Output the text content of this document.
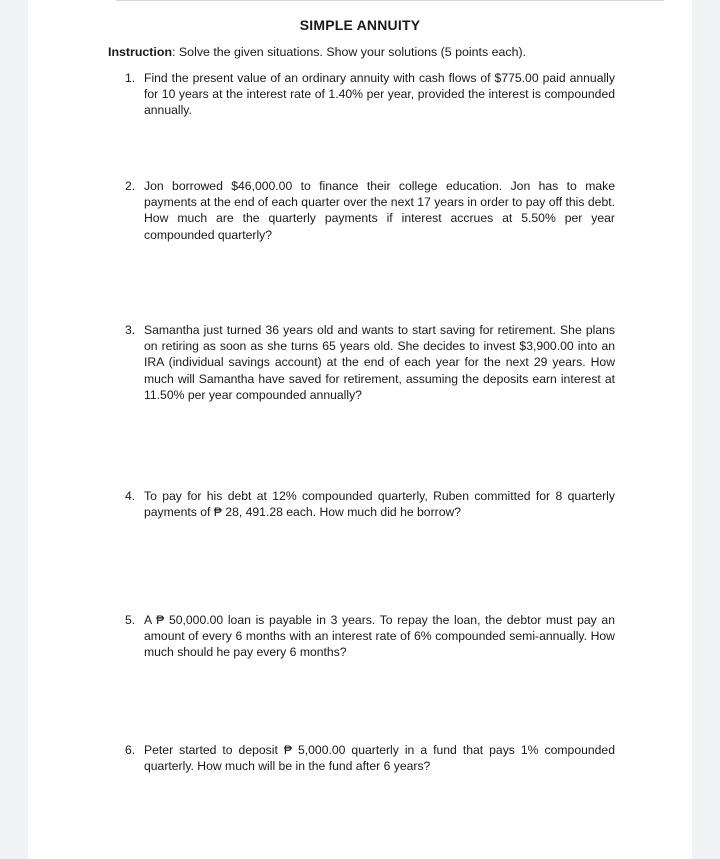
SIMPLE ANNUITY
Instruction: Solve the given situations. Show your solutions (5 points each).
1. Find the present value of an ordinary annuity with cash flows of $775.00 paid annually for 10 years at the interest rate of 1.40% per year, provided the interest is compounded annually.
2. Jon borrowed $46,000.00 to finance their college education. Jon has to make payments at the end of each quarter over the next 17 years in order to pay off this debt. How much are the quarterly payments if interest accrues at 5.50% per year compounded quarterly?
3. Samantha just turned 36 years old and wants to start saving for retirement. She plans on retiring as soon as she turns 65 years old. She decides to invest $3,900.00 into an IRA (individual savings account) at the end of each year for the next 29 years. How much will Samantha have saved for retirement, assuming the deposits earn interest at 11.50% per year compounded annually?
4. To pay for his debt at 12% compounded quarterly, Ruben committed for 8 quarterly payments of ₱ 28, 491.28 each. How much did he borrow?
5. A ₱ 50,000.00 loan is payable in 3 years. To repay the loan, the debtor must pay an amount of every 6 months with an interest rate of 6% compounded semi-annually. How much should he pay every 6 months?
6. Peter started to deposit ₱ 5,000.00 quarterly in a fund that pays 1% compounded quarterly. How much will be in the fund after 6 years?
